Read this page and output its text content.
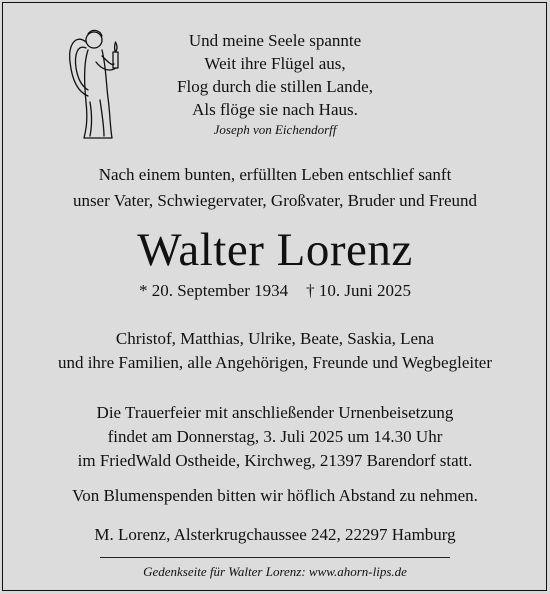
Und meine Seele spannte
Weit ihre Flügel aus,
Flog durch die stillen Lande,
Als flöge sie nach Haus.
Joseph von Eichendorff
Nach einem bunten, erfüllten Leben entschlief sanft
unser Vater, Schwiegervater, Großvater, Bruder und Freund
Walter Lorenz
* 20. September 1934 † 10. Juni 2025
Christof, Matthias, Ulrike, Beate, Saskia, Lena
und ihre Familien, alle Angehörigen, Freunde und Wegbegleiter
Die Trauerfeier mit anschließender Urnenbeisetzung
findet am Donnerstag, 3. Juli 2025 um 14.30 Uhr
im FriedWald Ostheide, Kirchweg, 21397 Barendorf statt.
Von Blumenspenden bitten wir höflich Abstand zu nehmen.
M. Lorenz, Alsterkrugchaussee 242, 22297 Hamburg
Gedenkseite für Walter Lorenz: www.ahorn-lips.de
